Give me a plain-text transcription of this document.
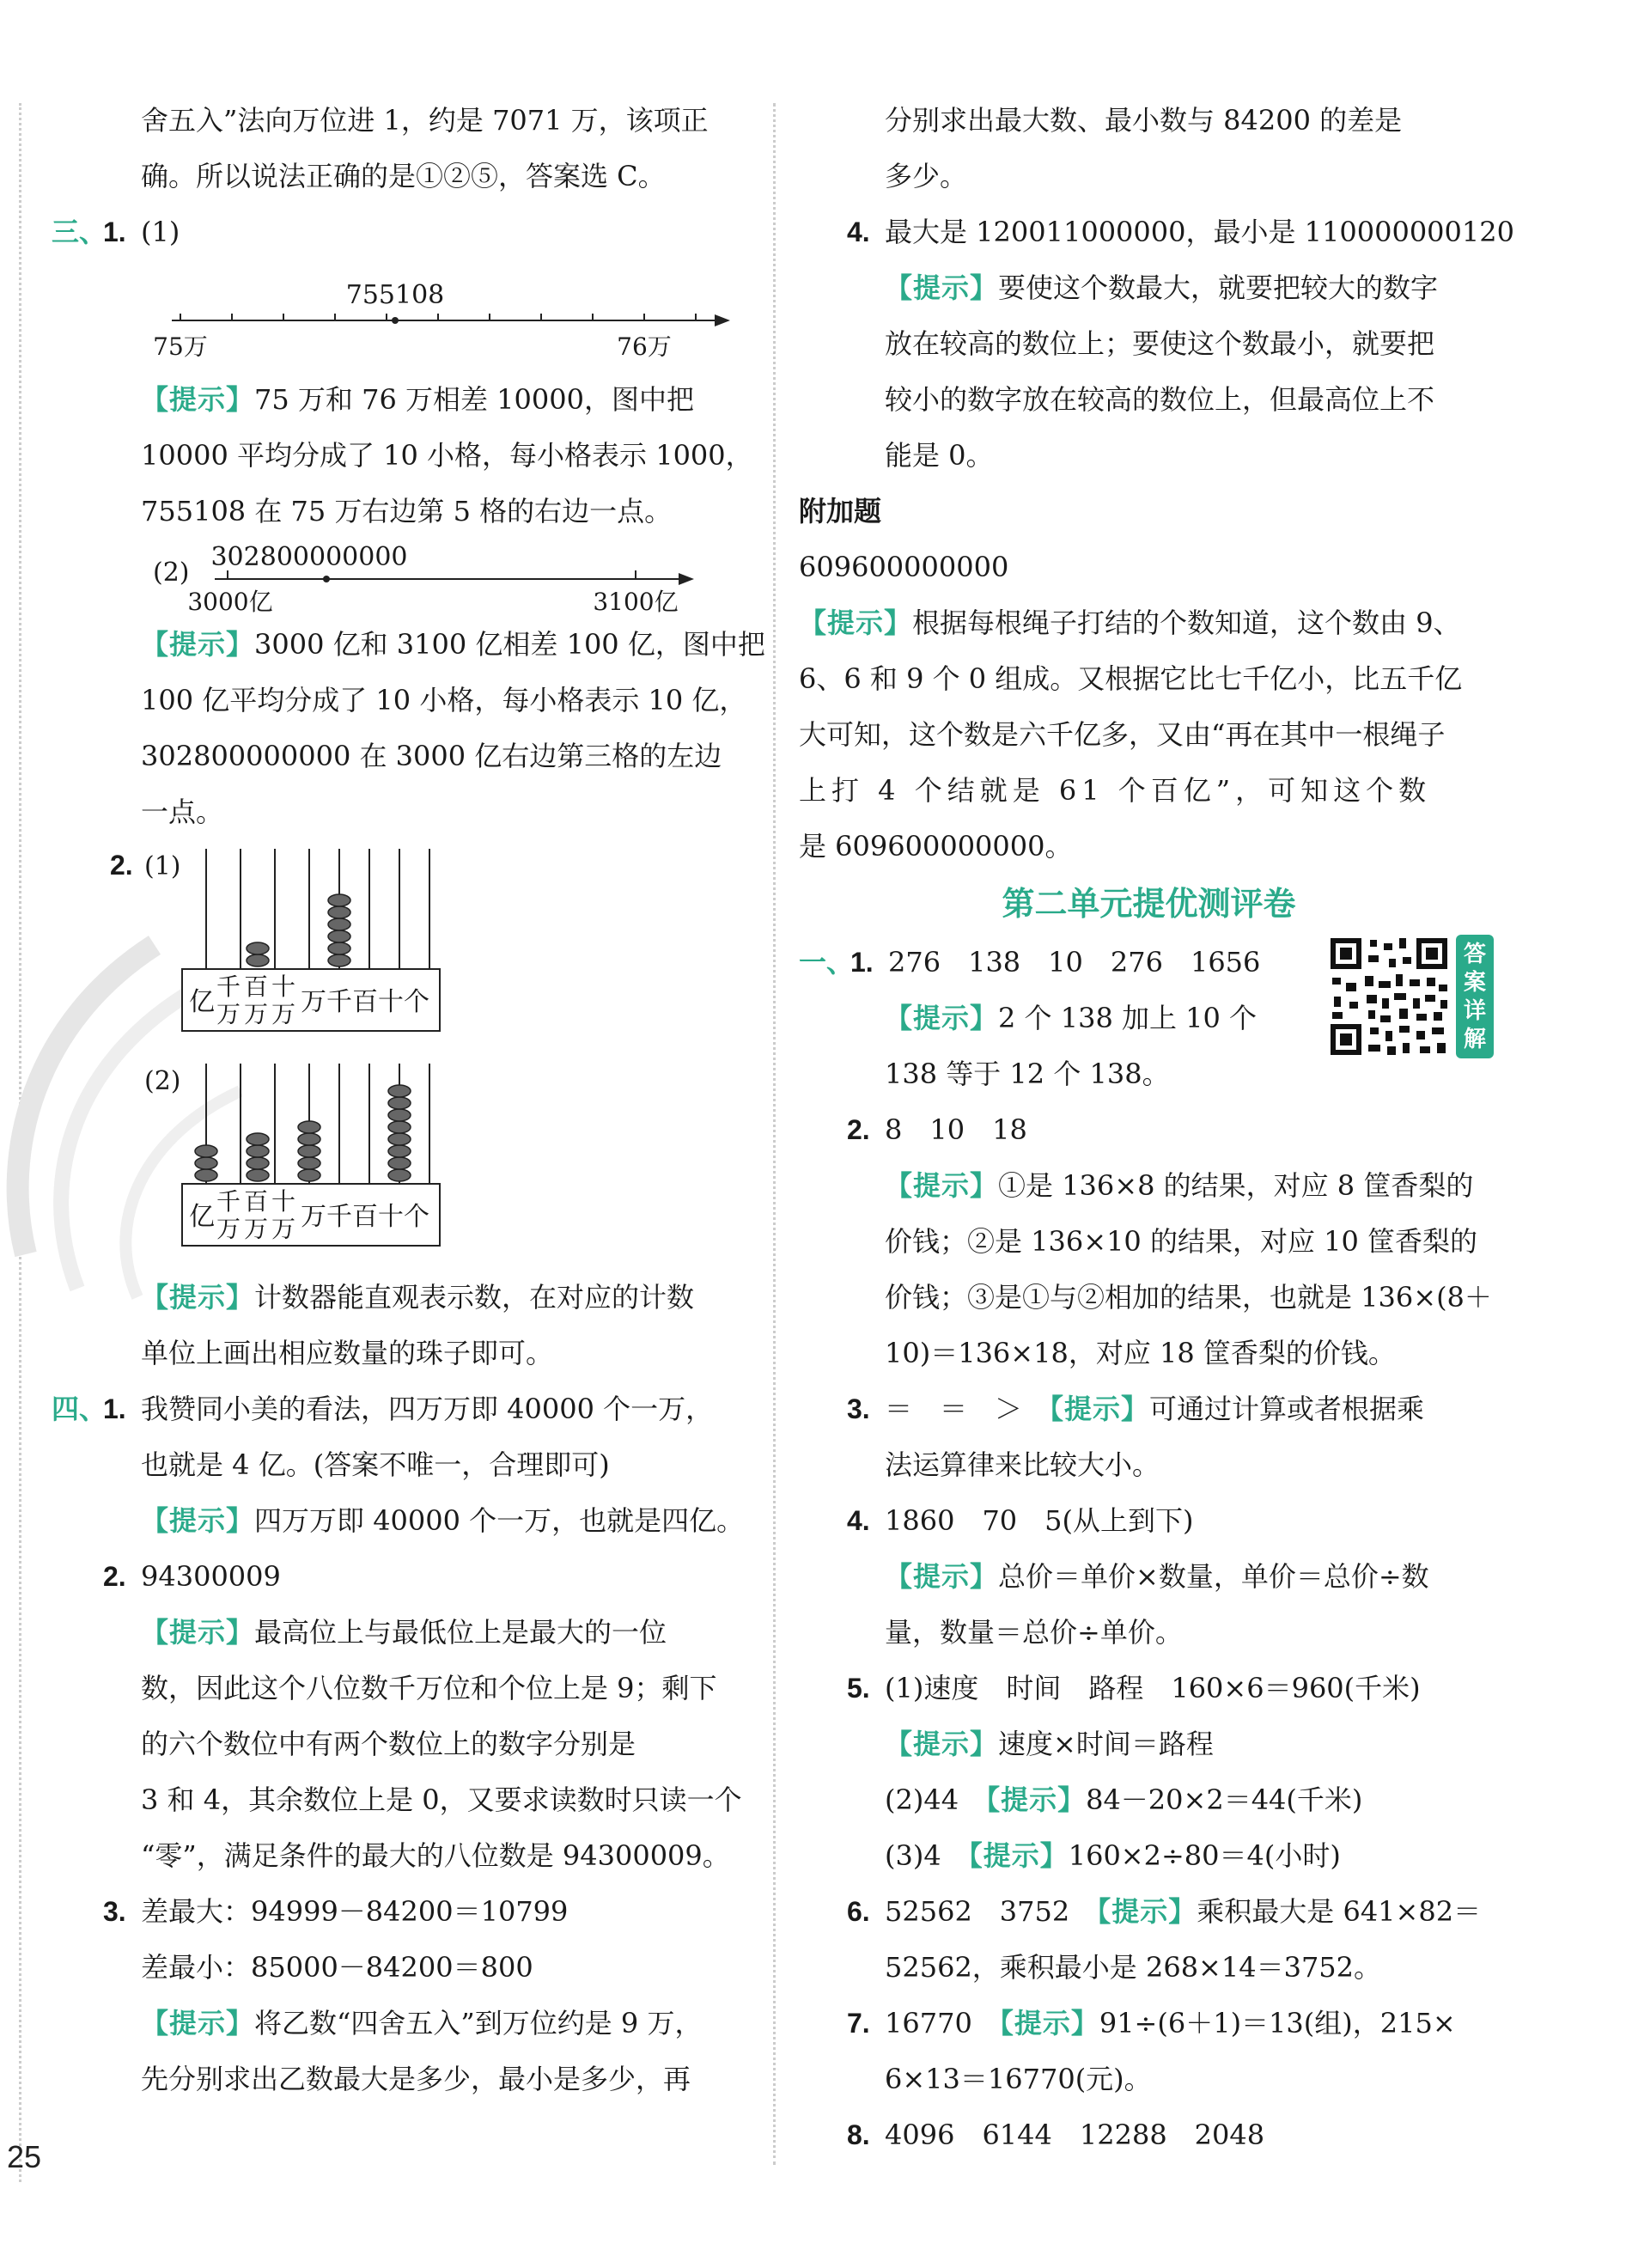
舍五入”法向万位进 1，约是 7071 万，该项正
确。所以说法正确的是①②⑤，答案选 C。
三、1. (1)
755108
75万	76万
【提示】75 万和 76 万相差 10000，图中把
10000 平均分成了 10 小格，每小格表示 1000，
755108 在 75 万右边第 5 格的右边一点。
(2)
302800000000
3000亿	3100亿
【提示】3000 亿和 3100 亿相差 100 亿，图中把
100 亿平均分成了 10 小格，每小格表示 10 亿，
302800000000 在 3000 亿右边第三格的左边
一点。
2. (1)
亿
千
万
百
万
十
万 万千百十个
(2)
亿
千
万
百
万
十
万 万千百十个
【提示】计数器能直观表示数，在对应的计数
单位上画出相应数量的珠子即可。
四、1. 我赞同小美的看法，四万万即 40000 个一万，
也就是 4 亿。(答案不唯一，合理即可)
【提示】四万万即 40000 个一万，也就是四亿。
2. 94300009
【提示】最高位上与最低位上是最大的一位
数，因此这个八位数千万位和个位上是 9；剩下
的六个数位中有两个数位上的数字分别是
3 和 4，其余数位上是 0，又要求读数时只读一个
“零”，满足条件的最大的八位数是 94300009。
3. 差最大：94999－84200＝10799
差最小：85000－84200＝800
【提示】将乙数“四舍五入”到万位约是 9 万，
先分别求出乙数最大是多少，最小是多少，再
分别求出最大数、最小数与 84200 的差是
多少。
4. 最大是 120011000000，最小是 110000000120
【提示】要使这个数最大，就要把较大的数字
放在较高的数位上；要使这个数最小，就要把
较小的数字放在较高的数位上，但最高位上不
能是 0。
附加题
609600000000
【提示】根据每根绳子打结的个数知道，这个数由 9、
6、6 和 9 个 0 组成。又根据它比七千亿小，比五千亿
大可知，这个数是六千亿多，又由“再在其中一根绳子
上打 4 个结就是 61 个百亿”，可知这个数
是 609600000000。
第二单元提优测评卷
答
案
详
解
一、1. 276　138　10　276　1656
【提示】2 个 138 加上 10 个
138 等于 12 个 138。
2. 8　10　18
【提示】①是 136×8 的结果，对应 8 筐香梨的
价钱；②是 136×10 的结果，对应 10 筐香梨的
价钱；③是①与②相加的结果，也就是 136×(8＋
10)＝136×18，对应 18 筐香梨的价钱。
3. ＝　＝　＞　 【提示】可通过计算或者根据乘
法运算律来比较大小。
4. 1860　70　5(从上到下)
【提示】总价＝单价×数量，单价＝总价÷数
量，数量＝总价÷单价。
5. (1)速度　时间　路程　160×6＝960(千米)
【提示】速度×时间＝路程
(2)44　 【提示】84－20×2＝44(千米)
(3)4　 【提示】160×2÷80＝4(小时)
6. 52562　3752　 【提示】乘积最大是 641×82＝
52562，乘积最小是 268×14＝3752。
7. 16770　 【提示】91÷(6＋1)＝13(组)，215×
6×13＝16770(元)。
8. 4096　6144　12288　2048
25
